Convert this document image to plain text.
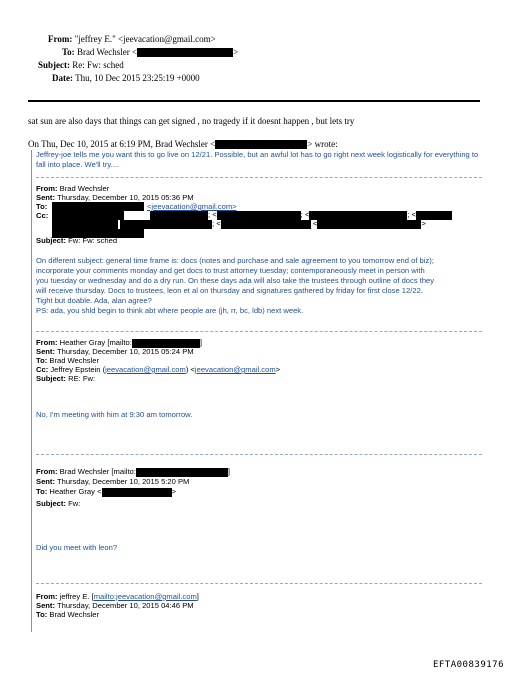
From: "jeffrey E." <jeevacation@gmail.com>
To: Brad Wechsler <	>
Subject: Re: Fw: sched
Date: Thu, 10 Dec 2015 23:25:19 +0000
sat sun are also days that things can get signed , no tragedy if it doesnt happen , but lets try
On Thu, Dec 10, 2015 at 6:19 PM, Brad Wechsler <	> wrote:
Jeffrey-joe tells me you want this to go live on 12/21. Possible, but an awful lot has to go right next week logistically for everything to fall into place. We'll try....
From: Brad Wechsler
Sent: Thursday, December 10, 2015 05:36 PM
To:	<jeevacation@gmail.com>
Cc:	; <	; <	; <
; <	<	>
Subject: Fw: Fw: sched
On different subject: general time frame is: docs (notes and purchase and sale agreement to you tomorrow end of biz);
incorporate your comments monday and get docs to trust attorney tuesday; contemporaneously meet in person with
you tuesday or wednesday and do a dry run. On these days ada will also take the trustees through outline of docs they
will receive thursday. Docs to trustees, leon et al on thursday and signatures gathered by friday for first close 12/22.
Tight but doable. Ada, alan agree?
PS: ada, you shld begin to think abt where people are (jh, rr, bc, ldb) next week.
From: Heather Gray [mailto:	]
Sent: Thursday, December 10, 2015 05:24 PM
To: Brad Wechsler
Cc: Jeffrey Epstein (jeevacation@gmail.com) <jeevacation@gmail.com>
Subject: RE: Fw:
No, I'm meeting with him at 9:30 am tomorrow.
From: Brad Wechsler [mailto:	]
Sent: Thursday, December 10, 2015 5:20 PM
To: Heather Gray <	>
Subject: Fw:
Did you meet with leon?
From: jeffrey E. [mailto:jeevacation@gmail.com]
Sent: Thursday, December 10, 2015 04:46 PM
To: Brad Wechsler
EFTA00839176
